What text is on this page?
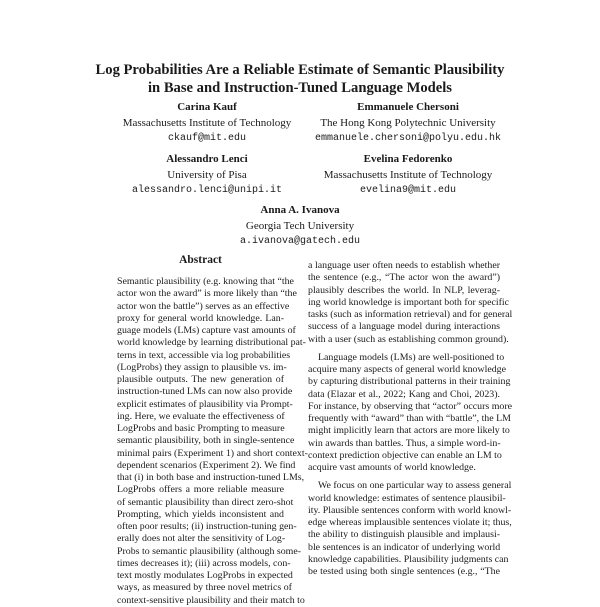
Log Probabilities Are a Reliable Estimate of Semantic Plausibility
in Base and Instruction-Tuned Language Models
Carina Kauf
Massachusetts Institute of Technology
ckauf@mit.edu
Emmanuele Chersoni
The Hong Kong Polytechnic University
emmanuele.chersoni@polyu.edu.hk
Alessandro Lenci
University of Pisa
alessandro.lenci@unipi.it
Evelina Fedorenko
Massachusetts Institute of Technology
evelina9@mit.edu
Anna A. Ivanova
Georgia Tech University
a.ivanova@gatech.edu
Abstract
Semantic plausibility (e.g. knowing that “the
actor won the award” is more likely than “the
actor won the battle”) serves as an effective
proxy for general world knowledge. Lan-
guage models (LMs) capture vast amounts of
world knowledge by learning distributional pat-
terns in text, accessible via log probabilities
(LogProbs) they assign to plausible vs. im-
plausible outputs. The new generation of
instruction-tuned LMs can now also provide
explicit estimates of plausibility via Prompt-
ing. Here, we evaluate the effectiveness of
LogProbs and basic Prompting to measure
semantic plausibility, both in single-sentence
minimal pairs (Experiment 1) and short context-
dependent scenarios (Experiment 2). We find
that (i) in both base and instruction-tuned LMs,
LogProbs offers a more reliable measure
of semantic plausibility than direct zero-shot
Prompting, which yields inconsistent and
often poor results; (ii) instruction-tuning gen-
erally does not alter the sensitivity of Log-
Probs to semantic plausibility (although some-
times decreases it); (iii) across models, con-
text mostly modulates LogProbs in expected
ways, as measured by three novel metrics of
context-sensitive plausibility and their match to
a language user often needs to establish whether
the sentence (e.g., “The actor won the award”)
plausibly describes the world. In NLP, leverag-
ing world knowledge is important both for specific
tasks (such as information retrieval) and for general
success of a language model during interactions
with a user (such as establishing common ground).
Language models (LMs) are well-positioned to
acquire many aspects of general world knowledge
by capturing distributional patterns in their training
data (Elazar et al., 2022; Kang and Choi, 2023).
For instance, by observing that “actor” occurs more
frequently with “award” than with “battle”, the LM
might implicitly learn that actors are more likely to
win awards than battles. Thus, a simple word-in-
context prediction objective can enable an LM to
acquire vast amounts of world knowledge.
We focus on one particular way to assess general
world knowledge: estimates of sentence plausibil-
ity. Plausible sentences conform with world knowl-
edge whereas implausible sentences violate it; thus,
the ability to distinguish plausible and implausi-
ble sentences is an indicator of underlying world
knowledge capabilities. Plausibility judgments can
be tested using both single sentences (e.g., “The
